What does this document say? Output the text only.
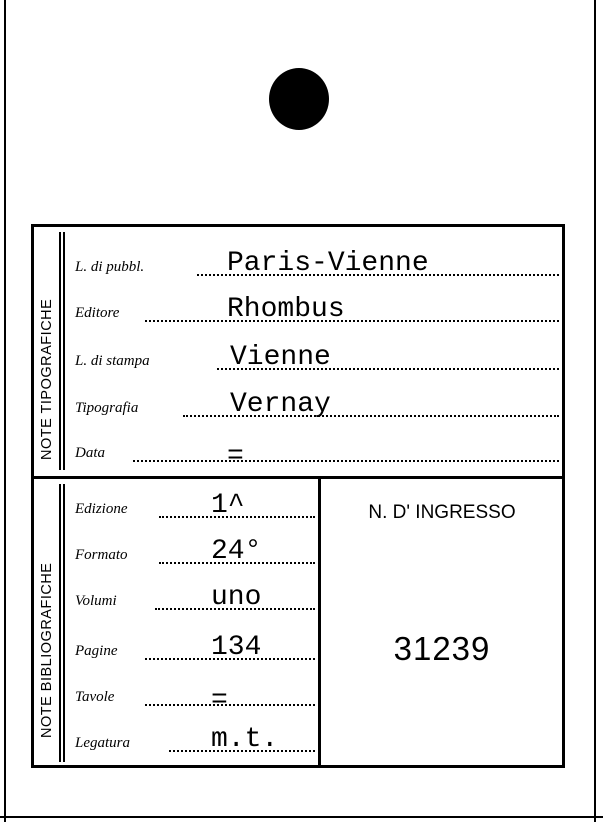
NOTE TIPOGRAFICHE
NOTE BIBLIOGRAFICHE
L. di pubbl.	Paris-Vienne
Editore	Rhombus
L. di stampa	Vienne
Tipografia	Vernay
Data	=
Edizione	1^
Formato	24°
Volumi	uno
Pagine	134
Tavole	=
Legatura	m.t.
N. D' INGRESSO
31239
